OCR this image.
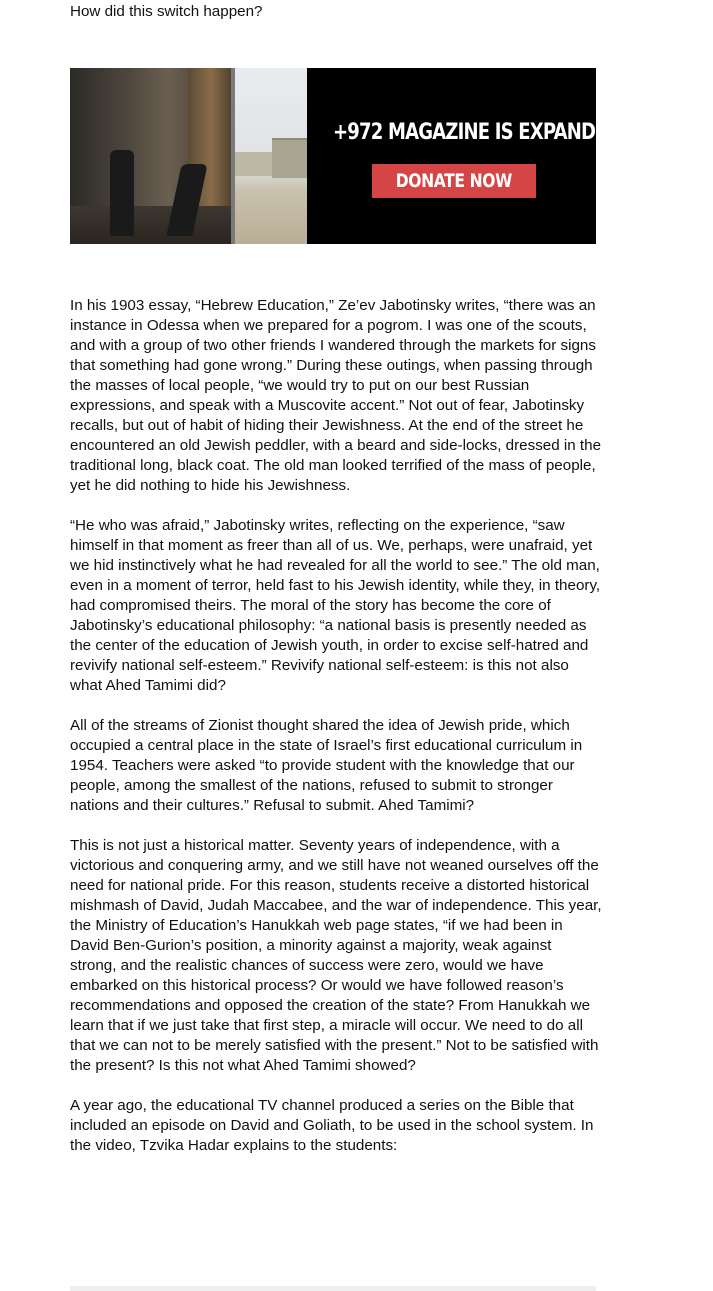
How did this switch happen?

+972 MAGAZINE IS EXPANDING
DONATE NOW

In his 1903 essay, “Hebrew Education,” Ze’ev Jabotinsky writes, “there was an instance in Odessa when we prepared for a pogrom. I was one of the scouts, and with a group of two other friends I wandered through the markets for signs that something had gone wrong.” During these outings, when passing through the masses of local people, “we would try to put on our best Russian expressions, and speak with a Muscovite accent.” Not out of fear, Jabotinsky recalls, but out of habit of hiding their Jewishness. At the end of the street he encountered an old Jewish peddler, with a beard and side-locks, dressed in the traditional long, black coat. The old man looked terrified of the mass of people, yet he did nothing to hide his Jewishness.

“He who was afraid,” Jabotinsky writes, reflecting on the experience, “saw himself in that moment as freer than all of us. We, perhaps, were unafraid, yet we hid instinctively what he had revealed for all the world to see.” The old man, even in a moment of terror, held fast to his Jewish identity, while they, in theory, had compromised theirs. The moral of the story has become the core of Jabotinsky’s educational philosophy: “a national basis is presently needed as the center of the education of Jewish youth, in order to excise self-hatred and revivify national self-esteem.” Revivify national self-esteem: is this not also what Ahed Tamimi did?

All of the streams of Zionist thought shared the idea of Jewish pride, which occupied a central place in the state of Israel’s first educational curriculum in 1954. Teachers were asked “to provide student with the knowledge that our people, among the smallest of the nations, refused to submit to stronger nations and their cultures.” Refusal to submit. Ahed Tamimi?

This is not just a historical matter. Seventy years of independence, with a victorious and conquering army, and we still have not weaned ourselves off the need for national pride. For this reason, students receive a distorted historical mishmash of David, Judah Maccabee, and the war of independence. This year, the Ministry of Education’s Hanukkah web page states, “if we had been in David Ben-Gurion’s position, a minority against a majority, weak against strong, and the realistic chances of success were zero, would we have embarked on this historical process? Or would we have followed reason’s recommendations and opposed the creation of the state? From Hanukkah we learn that if we just take that first step, a miracle will occur. We need to do all that we can not to be merely satisfied with the present.” Not to be satisfied with the present? Is this not what Ahed Tamimi showed?

A year ago, the educational TV channel produced a series on the Bible that included an episode on David and Goliath, to be used in the school system. In the video, Tzvika Hadar explains to the students:
